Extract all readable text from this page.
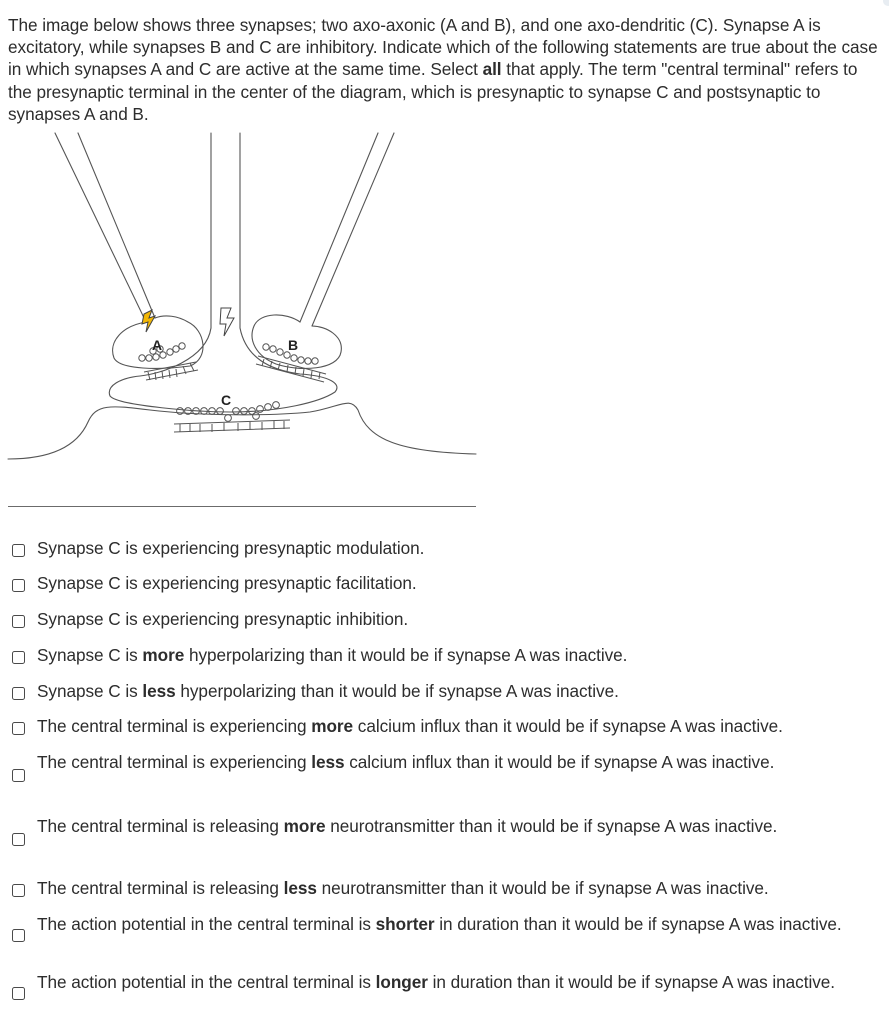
The image below shows three synapses; two axo-axonic (A and B), and one axo-dendritic (C). Synapse A is excitatory, while synapses B and C are inhibitory. Indicate which of the following statements are true about the case in which synapses A and C are active at the same time. Select all that apply. The term "central terminal" refers to the presynaptic terminal in the center of the diagram, which is presynaptic to synapse C and postsynaptic to synapses A and B.
A	B
C
Synapse C is experiencing presynaptic modulation.
Synapse C is experiencing presynaptic facilitation.
Synapse C is experiencing presynaptic inhibition.
Synapse C is more hyperpolarizing than it would be if synapse A was inactive.
Synapse C is less hyperpolarizing than it would be if synapse A was inactive.
The central terminal is experiencing more calcium influx than it would be if synapse A was inactive.
The central terminal is experiencing less calcium influx than it would be if synapse A was inactive.
The central terminal is releasing more neurotransmitter than it would be if synapse A was inactive.
The central terminal is releasing less neurotransmitter than it would be if synapse A was inactive.
The action potential in the central terminal is shorter in duration than it would be if synapse A was inactive.
The action potential in the central terminal is longer in duration than it would be if synapse A was inactive.
